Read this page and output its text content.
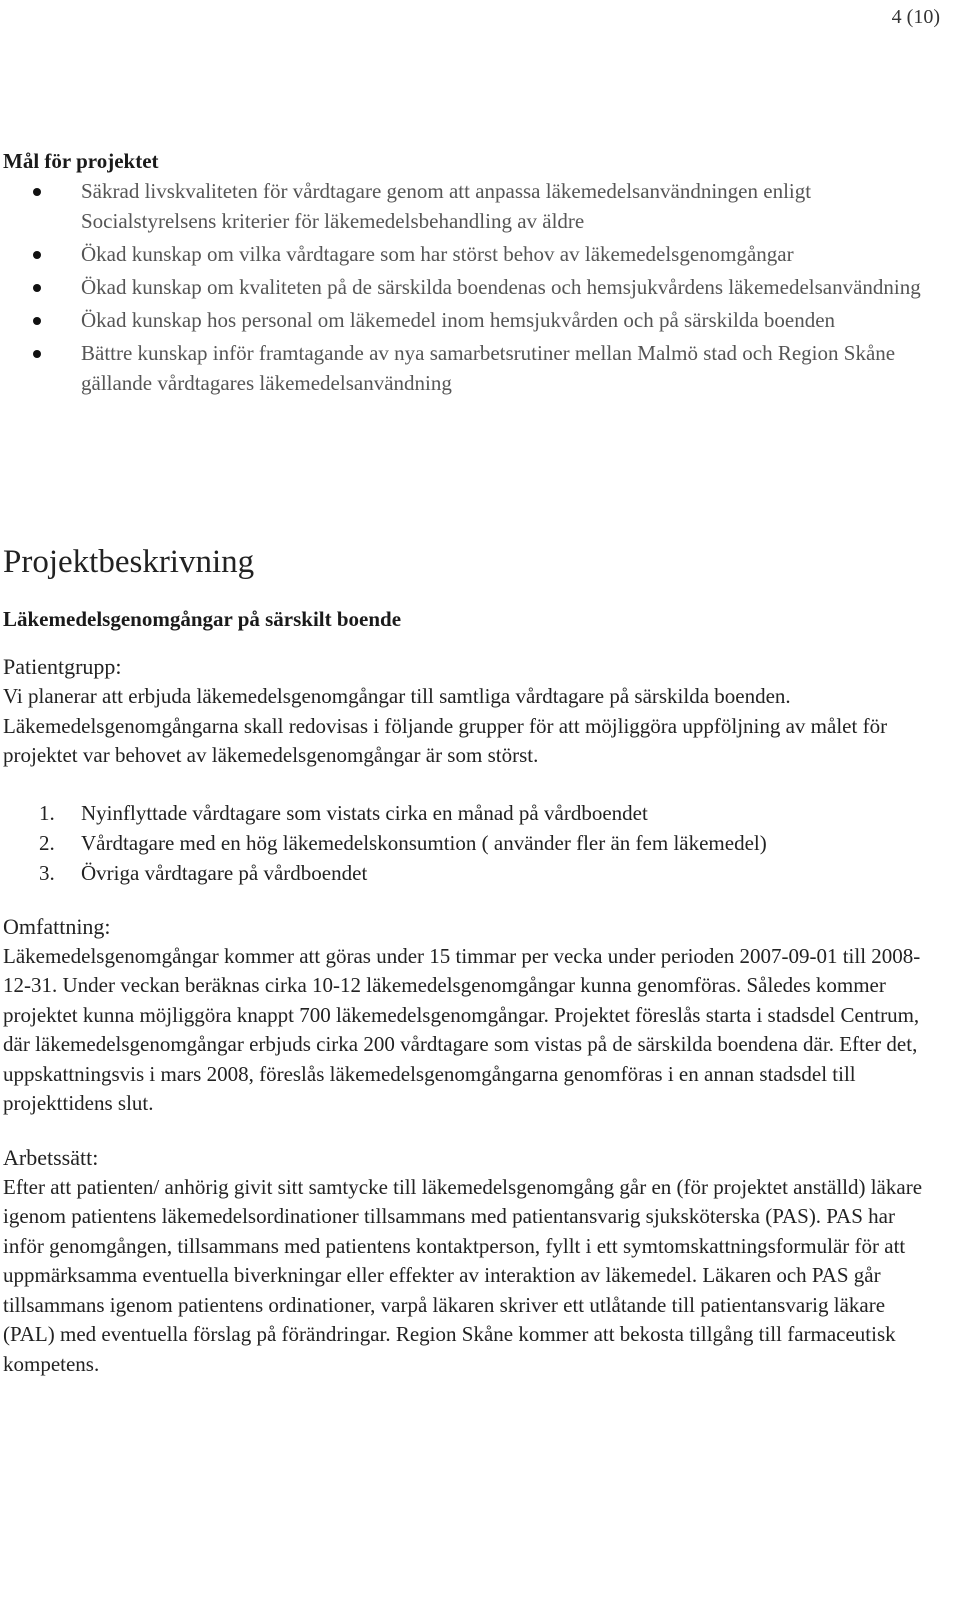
4 (10)
Mål för projektet
Säkrad livskvaliteten för vårdtagare genom att anpassa läkemedelsanvändningen enligt Socialstyrelsens kriterier för läkemedelsbehandling av äldre
Ökad kunskap om vilka vårdtagare som har störst behov av läkemedelsgenomgångar
Ökad kunskap om kvaliteten på de särskilda boendenas och hemsjukvårdens läkemedelsanvändning
Ökad kunskap hos personal om läkemedel inom hemsjukvården och på särskilda boenden
Bättre kunskap inför framtagande av nya samarbetsrutiner mellan Malmö stad och Region Skåne gällande vårdtagares läkemedelsanvändning
Projektbeskrivning
Läkemedelsgenomgångar på särskilt boende
Patientgrupp:

Vi planerar att erbjuda läkemedelsgenomgångar till samtliga vårdtagare på särskilda boenden. Läkemedelsgenomgångarna skall redovisas i följande grupper för att möjliggöra uppföljning av målet för projektet var behovet av läkemedelsgenomgångar är som störst.

1. Nyinflyttade vårdtagare som vistats cirka en månad på vårdboendet
2. Vårdtagare med en hög läkemedelskonsumtion ( använder fler än fem läkemedel)
3. Övriga vårdtagare på vårdboendet
Omfattning:

Läkemedelsgenomgångar kommer att göras under 15 timmar per vecka under perioden 2007-09-01 till 2008-12-31. Under veckan beräknas cirka 10-12 läkemedelsgenomgångar kunna genomföras. Således kommer projektet kunna möjliggöra knappt 700 läkemedelsgenomgångar. Projektet föreslås starta i stadsdel Centrum, där läkemedelsgenomgångar erbjuds cirka 200 vårdtagare som vistas på de särskilda boendena där. Efter det, uppskattningsvis i mars 2008, föreslås läkemedelsgenomgångarna genomföras i en annan stadsdel till projekttidens slut.

Arbetssätt:

Efter att patienten/ anhörig givit sitt samtycke till läkemedelsgenomgång går en (för projektet anställd) läkare igenom patientens läkemedelsordinationer tillsammans med patientansvarig sjuksköterska (PAS). PAS har inför genomgången, tillsammans med patientens kontaktperson, fyllt i ett symtomskattningsformulär för att uppmärksamma eventuella biverkningar eller effekter av interaktion av läkemedel. Läkaren och PAS går tillsammans igenom patientens ordinationer, varpå läkaren skriver ett utlåtande till patientansvarig läkare (PAL) med eventuella förslag på förändringar. Region Skåne kommer att bekosta tillgång till farmaceutisk kompetens.
